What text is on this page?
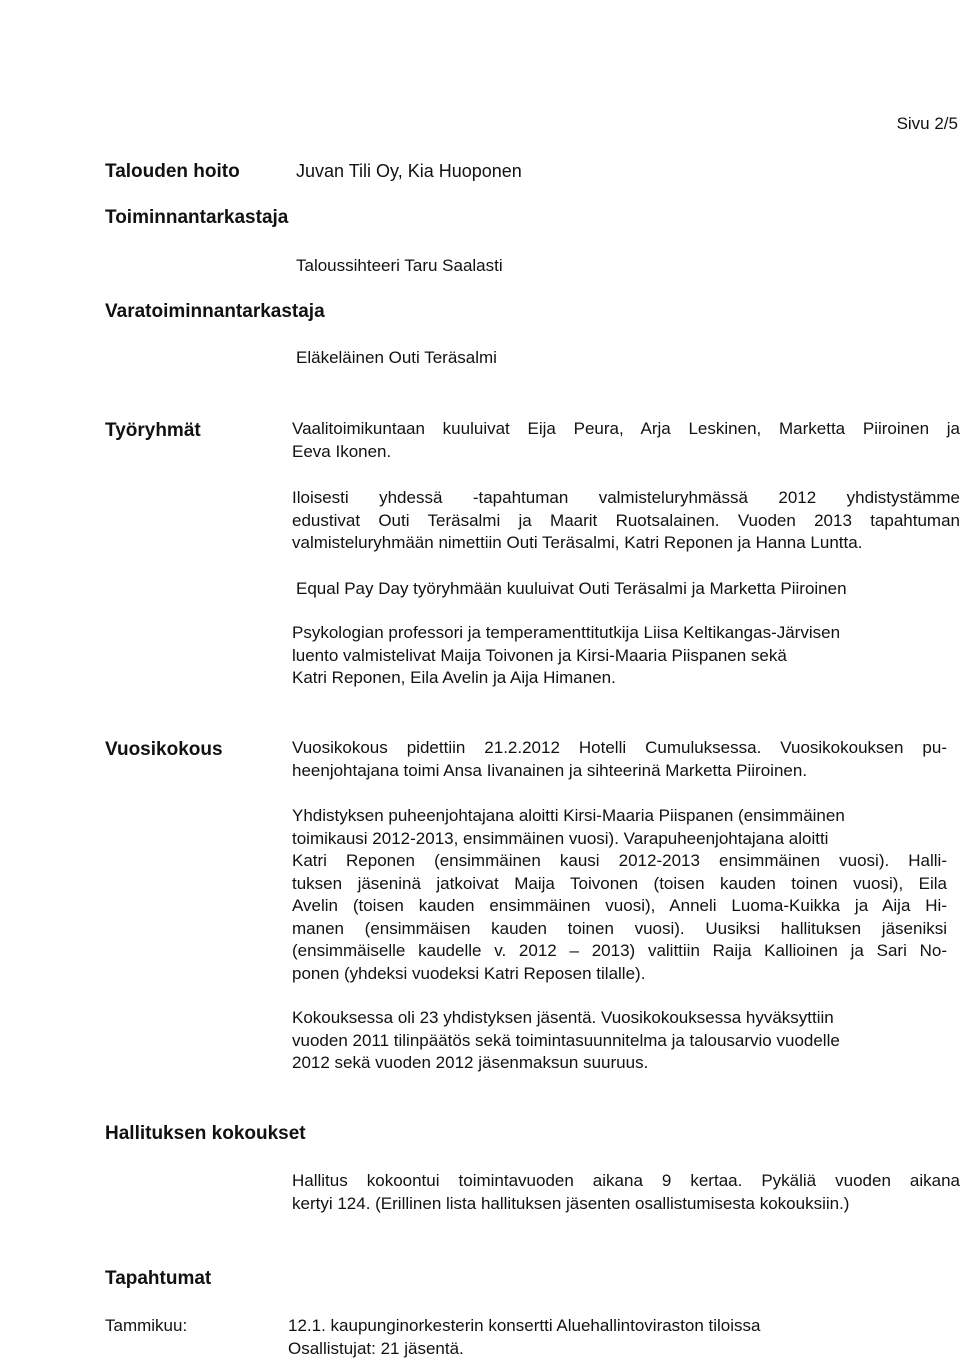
Sivu 2/5
Talouden hoito	Juvan Tili Oy, Kia Huoponen
Toiminnantarkastaja
Taloussihteeri Taru Saalasti
Varatoiminnantarkastaja
Eläkeläinen Outi Teräsalmi
Työryhmät	Vaalitoimikuntaan kuuluivat Eija Peura, Arja Leskinen, Marketta Piiroinen ja
Eeva Ikonen.
Iloisesti yhdessä -tapahtuman valmisteluryhmässä 2012 yhdistystämme
edustivat Outi Teräsalmi ja Maarit Ruotsalainen. Vuoden 2013 tapahtuman
valmisteluryhmään nimettiin Outi Teräsalmi, Katri Reponen ja Hanna Luntta.
Equal Pay Day työryhmään kuuluivat Outi Teräsalmi ja Marketta Piiroinen
Psykologian professori ja temperamenttitutkija Liisa Keltikangas-Järvisen
luento valmistelivat Maija Toivonen ja Kirsi-Maaria Piispanen sekä
Katri Reponen, Eila Avelin ja Aija Himanen.
Vuosikokous	Vuosikokous pidettiin 21.2.2012 Hotelli Cumuluksessa. Vuosikokouksen pu-
heenjohtajana toimi Ansa Iivanainen ja sihteerinä Marketta Piiroinen.
Yhdistyksen puheenjohtajana aloitti Kirsi-Maaria Piispanen (ensimmäinen
toimikausi 2012-2013, ensimmäinen vuosi). Varapuheenjohtajana aloitti
Katri Reponen (ensimmäinen kausi 2012-2013 ensimmäinen vuosi). Halli-
tuksen jäseninä jatkoivat Maija Toivonen (toisen kauden toinen vuosi), Eila
Avelin (toisen kauden ensimmäinen vuosi), Anneli Luoma-Kuikka ja Aija Hi-
manen (ensimmäisen kauden toinen vuosi). Uusiksi hallituksen jäseniksi
(ensimmäiselle kaudelle v. 2012 – 2013) valittiin Raija Kallioinen ja Sari No-
ponen (yhdeksi vuodeksi Katri Reposen tilalle).
Kokouksessa oli 23 yhdistyksen jäsentä. Vuosikokouksessa hyväksyttiin
vuoden 2011 tilinpäätös sekä toimintasuunnitelma ja talousarvio vuodelle
2012 sekä vuoden 2012 jäsenmaksun suuruus.
Hallituksen kokoukset
Hallitus kokoontui toimintavuoden aikana 9 kertaa. Pykäliä vuoden aikana
kertyi 124. (Erillinen lista hallituksen jäsenten osallistumisesta kokouksiin.)
Tapahtumat
Tammikuu:	12.1. kaupunginorkesterin konsertti Aluehallintoviraston tiloissa
Osallistujat: 21 jäsentä.
